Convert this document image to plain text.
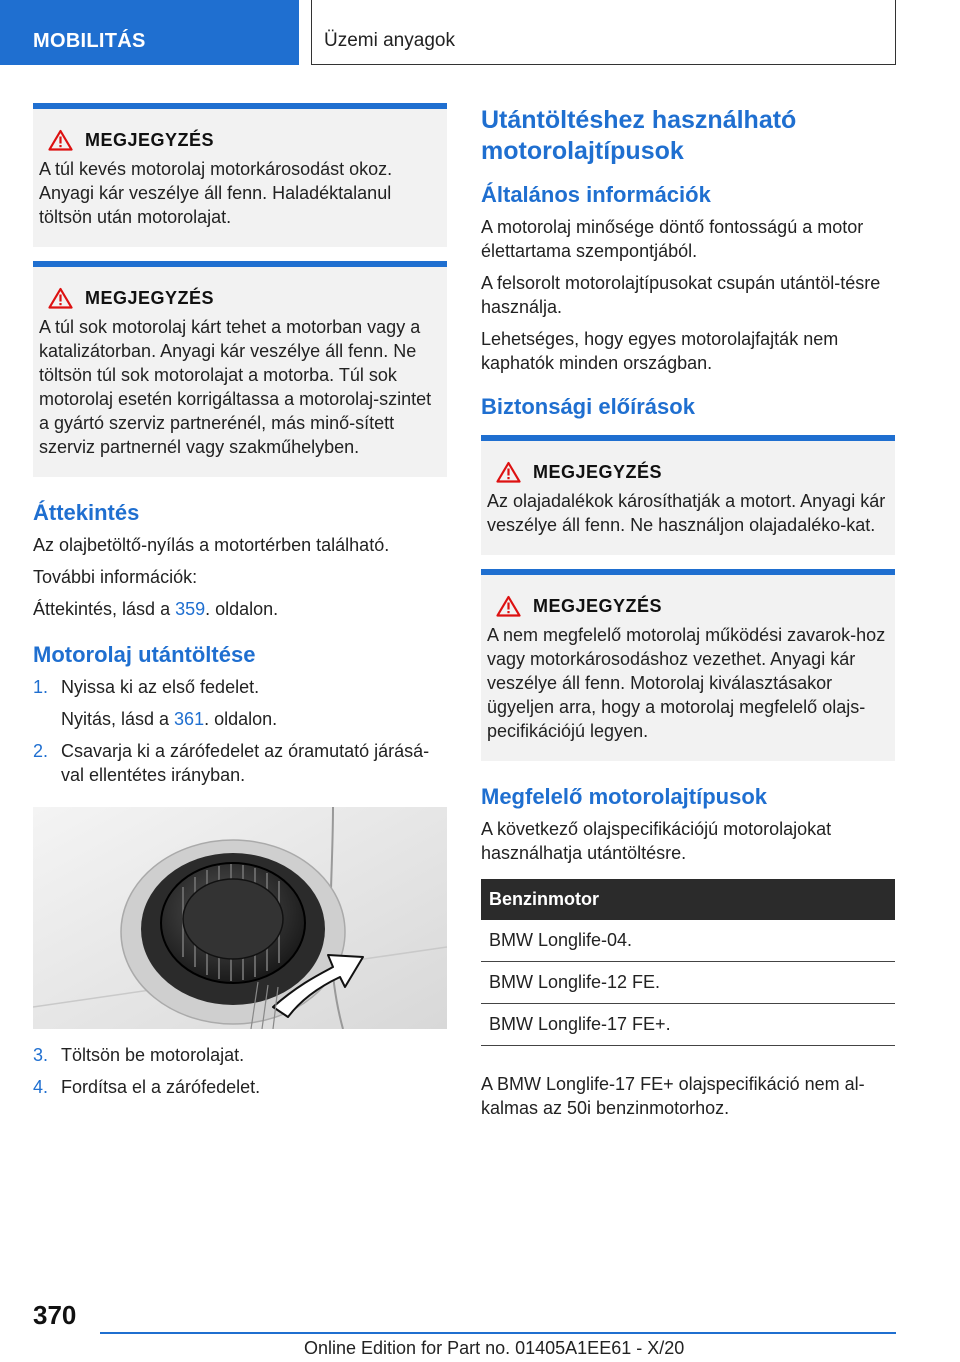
MOBILITÁS	Üzemi anyagok
MEGJEGYZÉS
A túl kevés motorolaj motorkárosodást okoz. Anyagi kár veszélye áll fenn. Haladéktalanul töltsön után motorolajat.
MEGJEGYZÉS
A túl sok motorolaj kárt tehet a motorban vagy a katalizátorban. Anyagi kár veszélye áll fenn. Ne töltsön túl sok motorolajat a motorba. Túl sok motorolaj esetén korrigáltassa a motorolaj-szintet a gyártó szerviz partnerénél, más minő-sített szerviz partnernél vagy szakműhelyben.
Áttekintés

Az olajbetöltő-nyílás a motortérben található.

További információk:

Áttekintés, lásd a 359. oldalon.

Motorolaj utántöltése
1. Nyissa ki az első fedelet.
Nyitás, lásd a 361. oldalon.
2. Csavarja ki a zárófedelet az óramutató járásá-val ellentétes irányban.
3. Töltsön be motorolajat.
4. Fordítsa el a zárófedelet.
Utántöltéshez használható motorolajtípusok
Általános információk

A motorolaj minősége döntő fontosságú a motor élettartama szempontjából.

A felsorolt motorolajtípusokat csupán utántöl-tésre használja.

Lehetséges, hogy egyes motorolajfajták nem kaphatók minden országban.

Biztonsági előírások
MEGJEGYZÉS
Az olajadalékok károsíthatják a motort. Anyagi kár veszélye áll fenn. Ne használjon olajadaléko-kat.
MEGJEGYZÉS
A nem megfelelő motorolaj működési zavarok-hoz vagy motorkárosodáshoz vezethet. Anyagi kár veszélye áll fenn. Motorolaj kiválasztásakor ügyeljen arra, hogy a motorolaj megfelelő olajs-pecifikációjú legyen.
Megfelelő motorolajtípusok

A következő olajspecifikációjú motorolajokat használhatja utántöltésre.

Benzinmotor
BMW Longlife-04.
BMW Longlife-12 FE.
BMW Longlife-17 FE+.

A BMW Longlife-17 FE+ olajspecifikáció nem al-kalmas az 50i benzinmotorhoz.

370
Online Edition for Part no. 01405A1EE61 - X/20
